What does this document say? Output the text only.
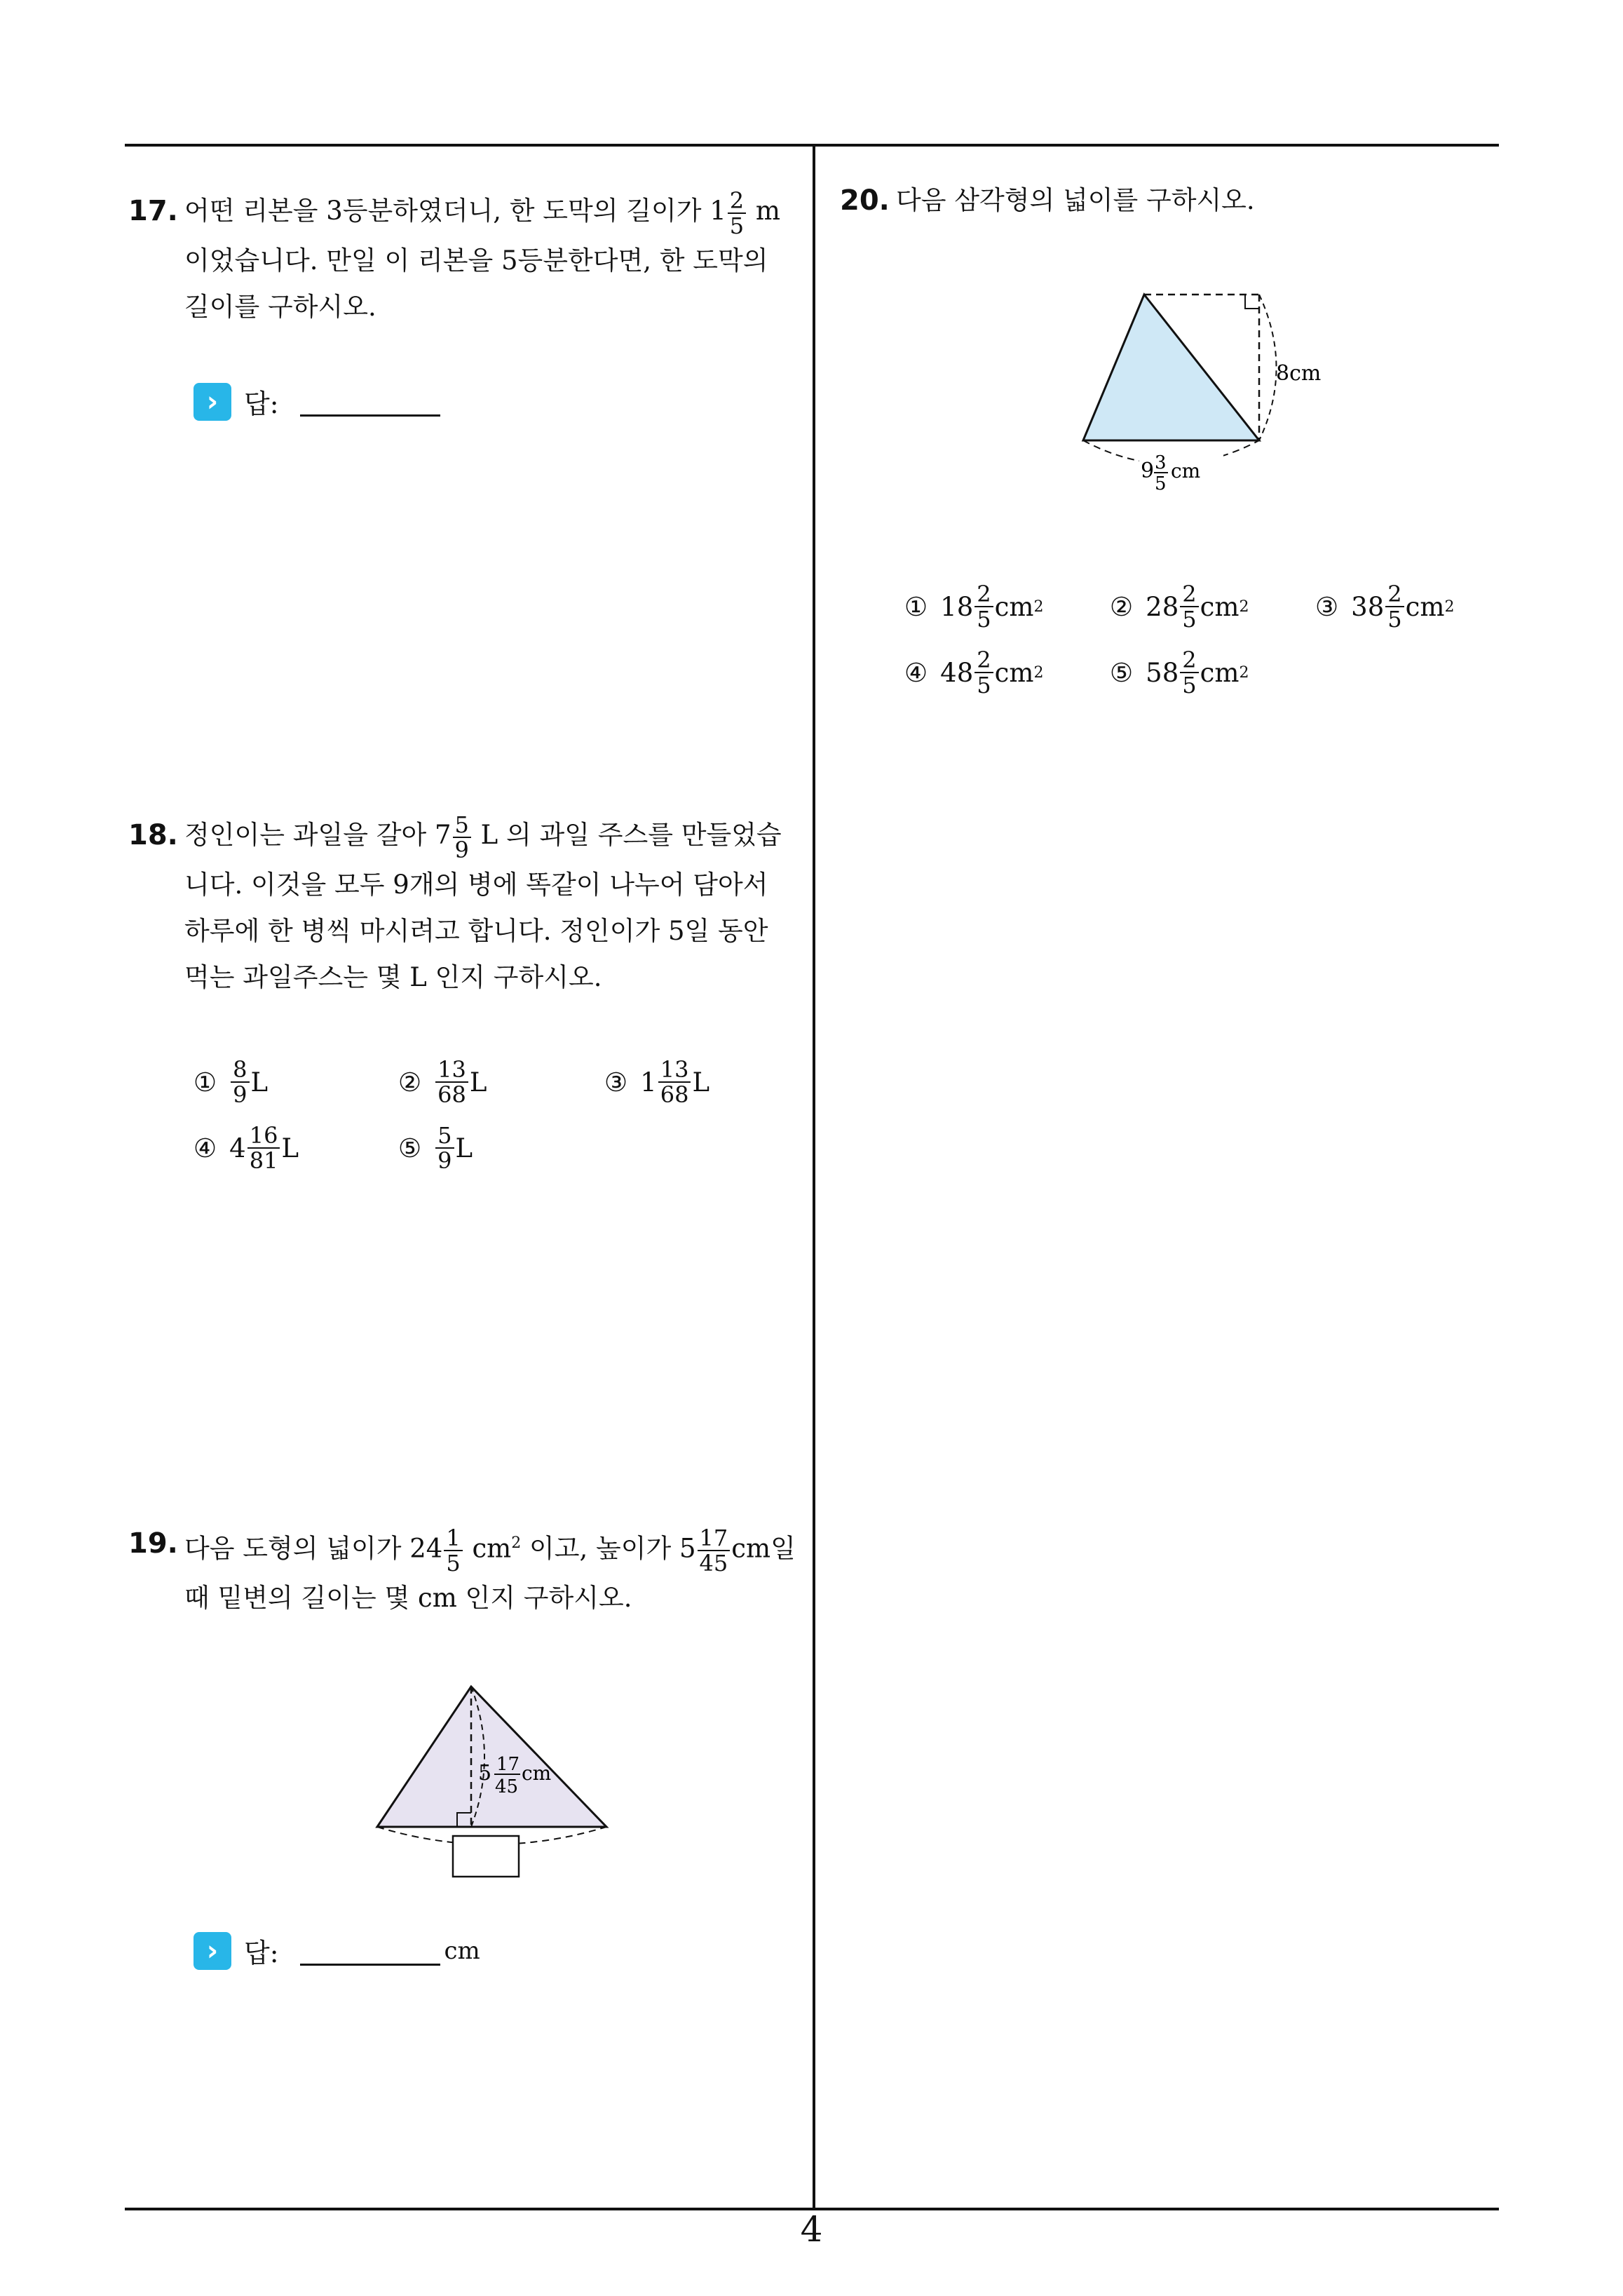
17. 어떤 리본을 3등분하였더니, 한 도막의 길이가 $1 \frac{2}{5}$ m
이었습니다. 만일 이 리본을 5등분한다면, 한 도막의
길이를 구하시오.
› 답:
18. 정인이는 과일을 갈아 $7 \frac{5}{9}$ L 의 과일 주스를 만들었습
니다. 이것을 모두 9개의 병에 똑같이 나누어 담아서
하루에 한 병씩 마시려고 합니다. 정인이가 5일 동안
먹는 과일주스는 몇 L 인지 구하시오.
① $\frac{8}{9}$ L	② $\frac{13}{68}$ L	③ $1 \frac{13}{68}$ L
④ $4 \frac{16}{81}$ L	⑤ $\frac{5}{9}$ L
19. 다음 도형의 넓이가 $24 \frac{1}{5} cm^2$ 이고, 높이가 $5 \frac{17}{45}$ cm일
때 밑변의 길이는 몇 cm 인지 구하시오.
5 17
45
cm
› 답:	cm
20. 다음 삼각형의 넓이를 구하시오.
8cm
9 3
5
cm
① $18 \frac{2}{5}$ cm 2	② $28 \frac{2}{5}$ cm 2	③ $38 \frac{2}{5}$ cm 2
④ $48 \frac{2}{5}$ cm 2	⑤ $58 \frac{2}{5}$ cm 2
4
